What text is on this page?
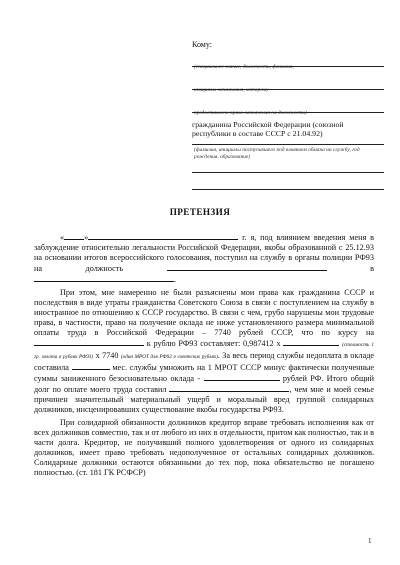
Кому:
(специальное звание, должность, фамилия,
инициалы начальника, которому
предоставлено право назначения на должности)
гражданина Российской Федерации (союзной республики в составе СССР с 21.04.92)
(фамилия, инициалы поступившего под влиянием обмана на службу, год рождения, образование)
ПРЕТЕНЗИЯ

« »	г. я, под влиянием введения меня в заблуждение относительно легальности Российской Федерации, якобы образованной с 25.12.93 на основании итогов всероссийского голосования, поступил на службу в органы полиции РФ93 на должность	в .

При этом, мне намеренно не были разъяснены мои права как гражданина СССР и последствия в виде утраты гражданства Советского Союза в связи с поступлением на службу в иностранное по отношению к СССР государство. В связи с чем, грубо нарушены мои трудовые права, в частности, право на получение оклада не ниже установленного размера минимальной оплаты труда в Российской Федерации – 7740 рублей СССР, что по курсу на  к рублю РФ93 составляет: 0,987412 х	(стоимость 1 гр. золота в рублях РФ93) х 7740 (один МРОТ для РФ92 в советских рублях). За весь период службы недоплата в окладе составила	мес. службы умножить на 1 МРОТ СССР минус фактически полученные суммы заниженного безосновательно оклада -	рублей РФ. Итого общий долг по оплате моего труда составил	, чем мне и моей семье причинен значительный материальный ущерб и моральный вред группой солидарных должников, инсценировавших существование якобы государства РФ93.

При солидарной обязанности должников кредитор вправе требовать исполнения как от всех должников совместно, так и от любого из них в отдельности, притом как полностью, так и в части долга. Кредитор, не получивший полного удовлетворения от одного из солидарных должников, имеет право требовать недополученное от остальных солидарных должников. Солидарные должники остаются обязанными до тех пор, пока обязательство не погашено полностью. (ст. 181 ГК РСФСР)

1
